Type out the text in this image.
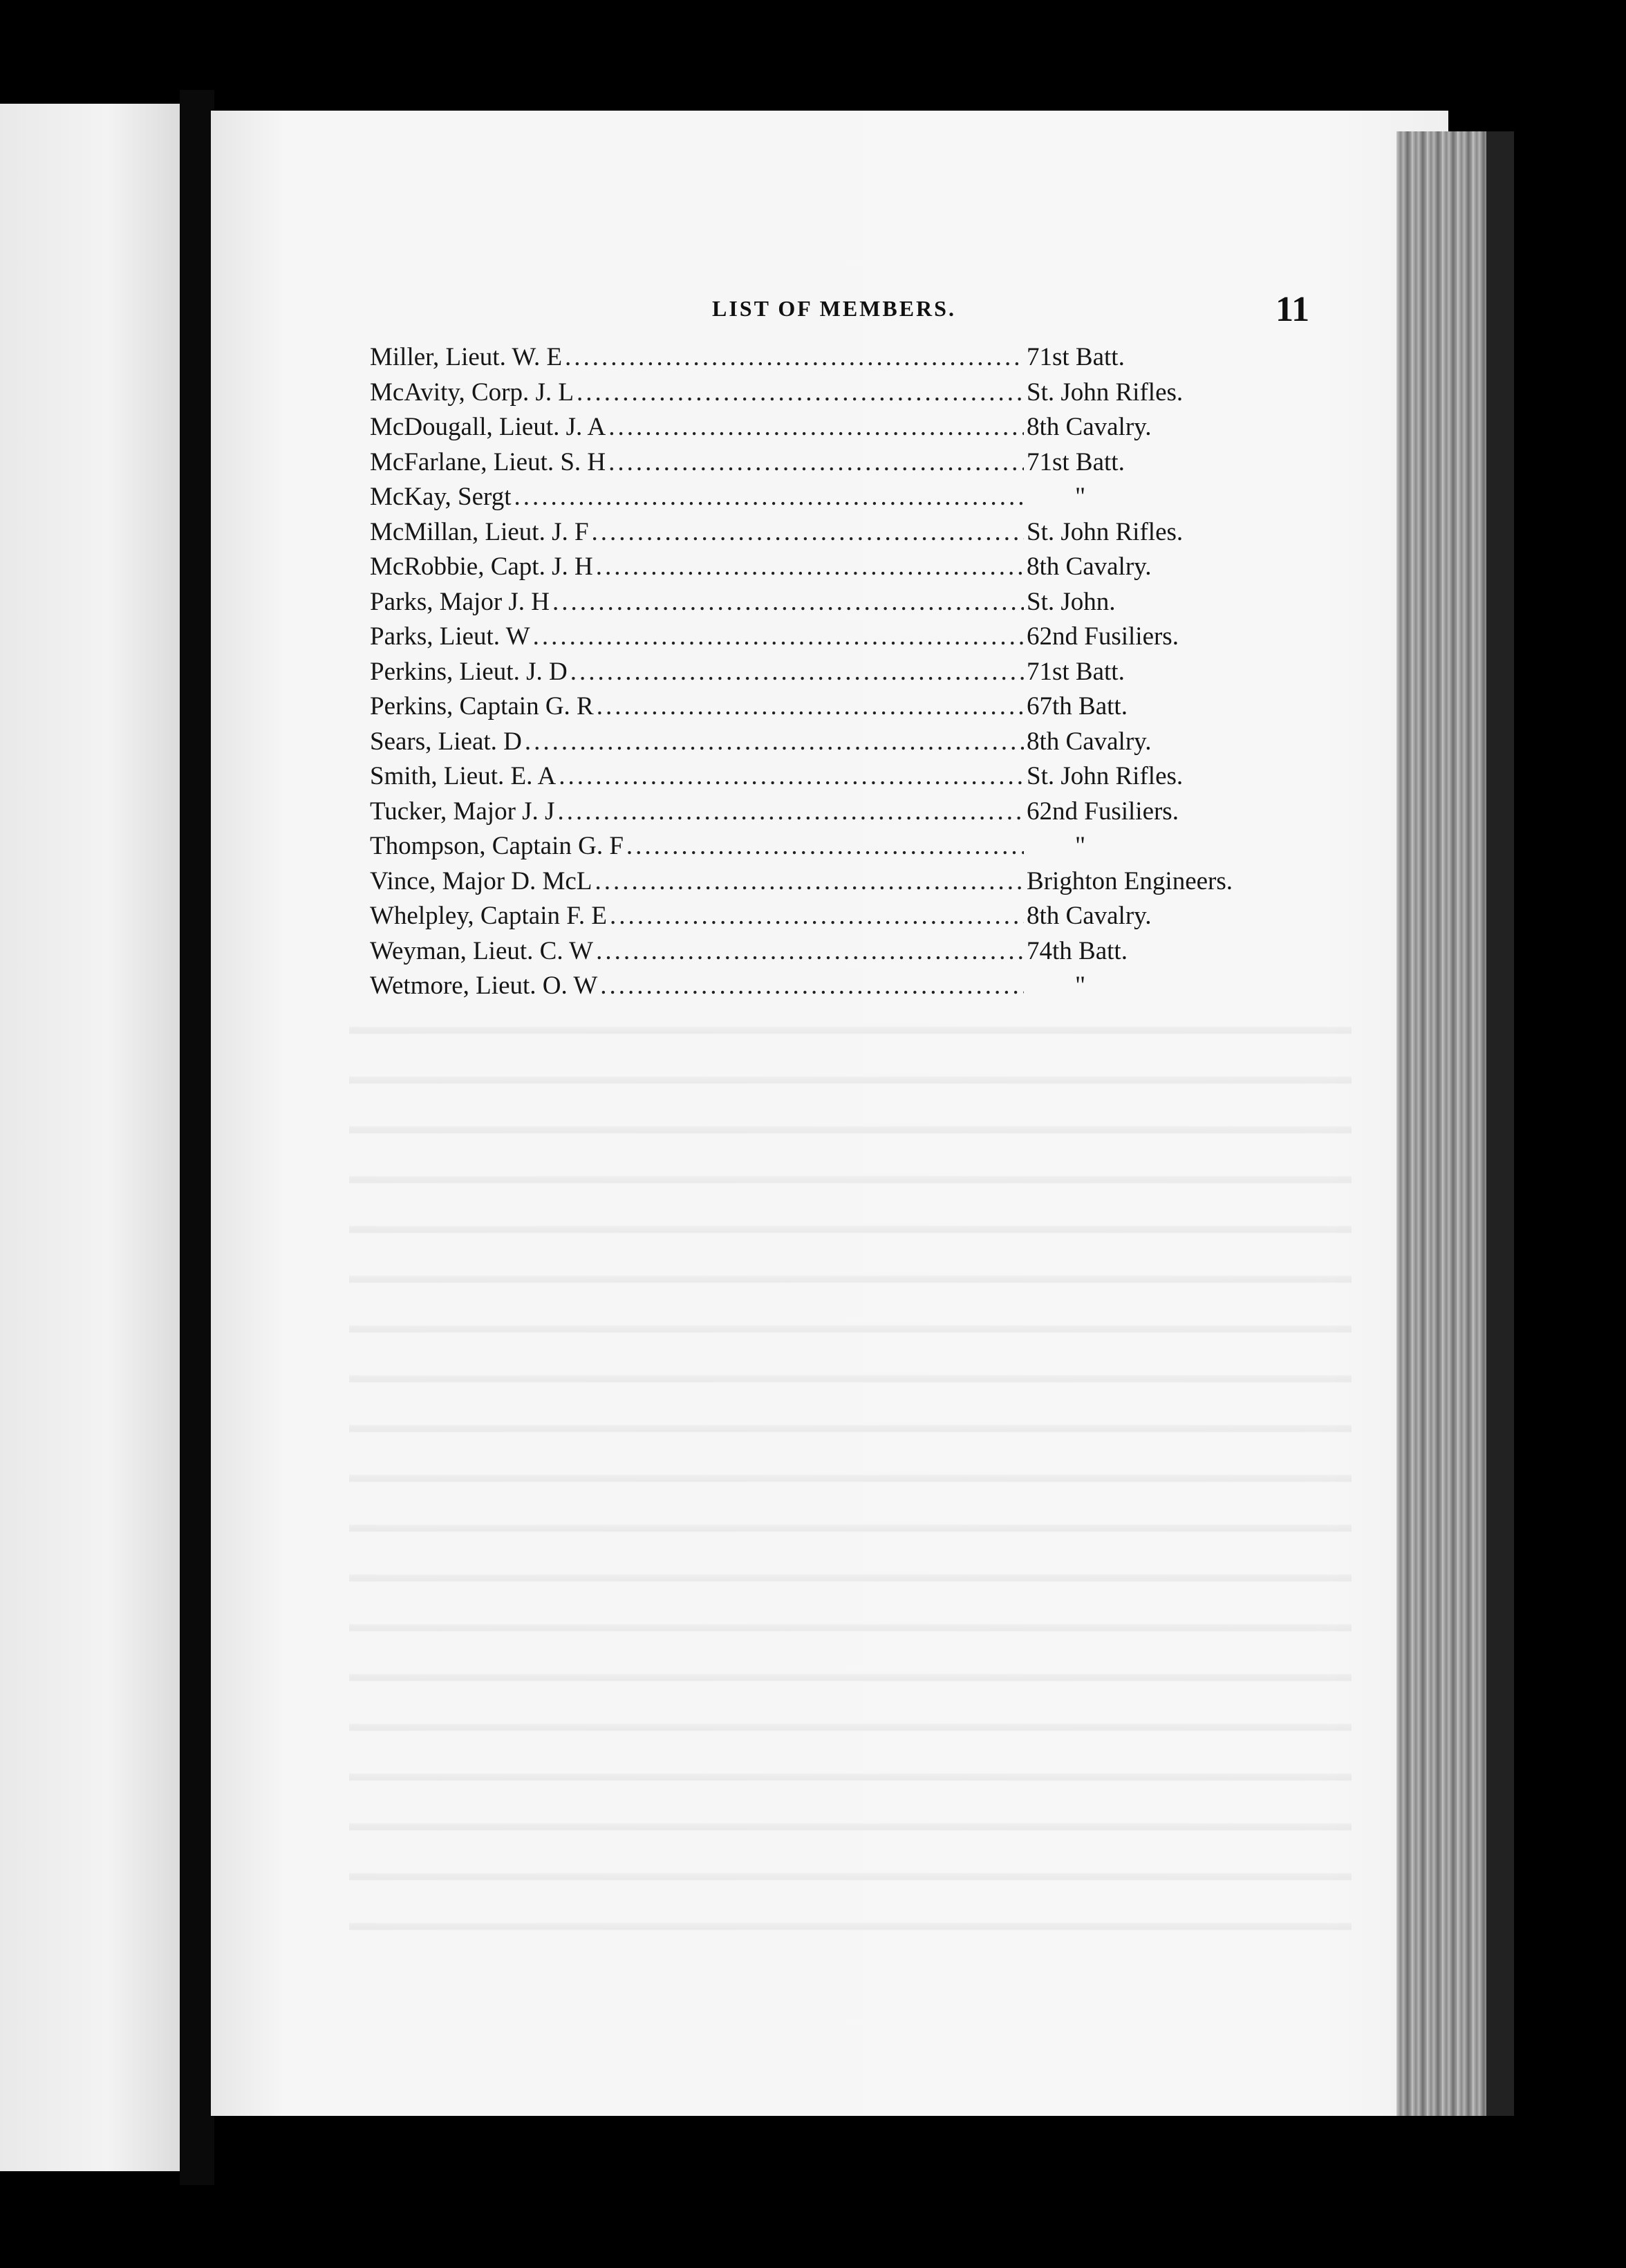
LIST OF MEMBERS.	11
Miller, Lieut. W. E .....	71st Batt.
McAvity, Corp. J. L .....	St. John Rifles.
McDougall, Lieut. J. A .....	8th Cavalry.
McFarlane, Lieut. S. H .....	71st Batt.
McKay, Sergt .....	"
McMillan, Lieut. J. F .....	St. John Rifles.
McRobbie, Capt. J. H .....	8th Cavalry.
Parks, Major J. H .....	St. John.
Parks, Lieut. W .....	62nd Fusiliers.
Perkins, Lieut. J. D .....	71st Batt.
Perkins, Captain G. R .....	67th Batt.
Sears, Lieat. D .....	8th Cavalry.
Smith, Lieut. E. A .....	St. John Rifles.
Tucker, Major J. J .....	62nd Fusiliers.
Thompson, Captain G. F .....	"
Vince, Major D. McL .....	Brighton Engineers.
Whelpley, Captain F. E .....	8th Cavalry.
Weyman, Lieut. C. W .....	74th Batt.
Wetmore, Lieut. O. W .....	"
